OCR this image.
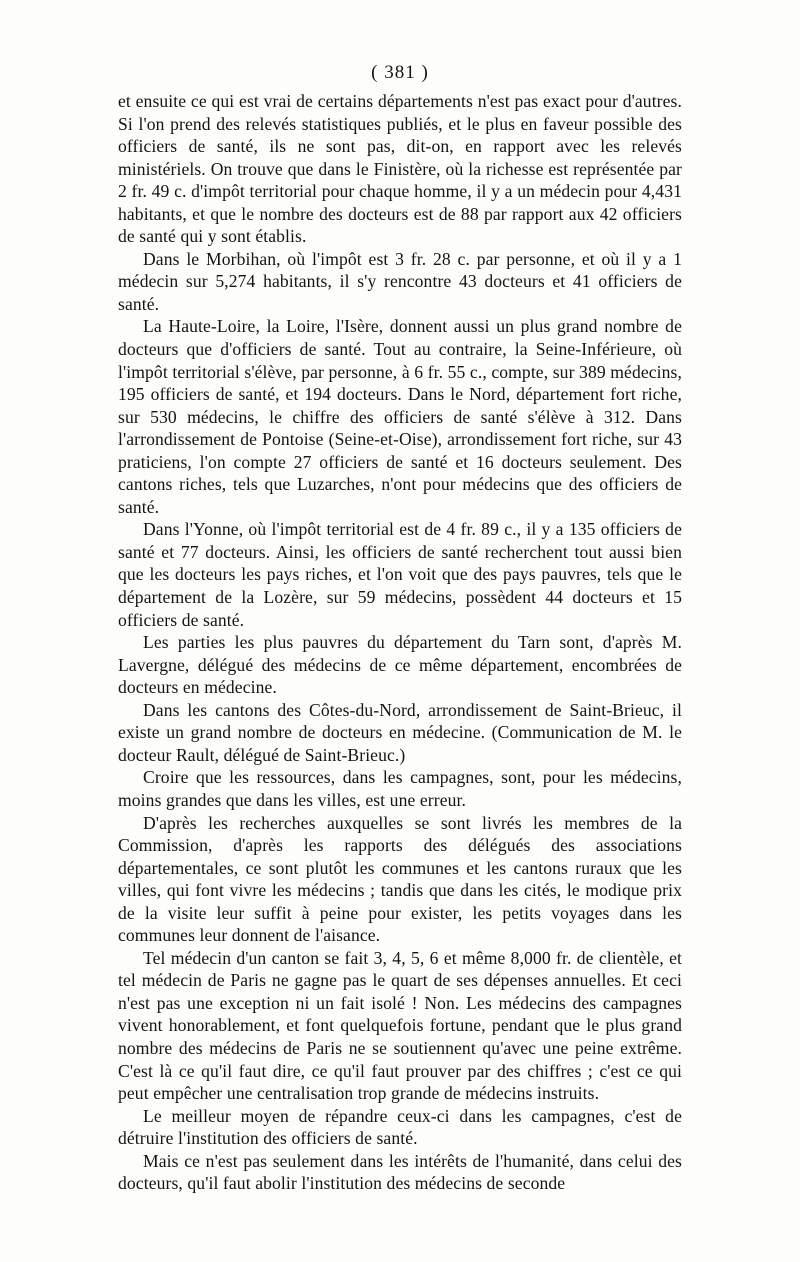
( 381 )

et ensuite ce qui est vrai de certains départements n'est pas exact pour d'autres. Si l'on prend des relevés statistiques publiés, et le plus en faveur possible des officiers de santé, ils ne sont pas, dit-on, en rapport avec les relevés ministériels. On trouve que dans le Finistère, où la richesse est représentée par 2 fr. 49 c. d'impôt territorial pour chaque homme, il y a un médecin pour 4,431 habitants, et que le nombre des docteurs est de 88 par rapport aux 42 officiers de santé qui y sont établis.

Dans le Morbihan, où l'impôt est 3 fr. 28 c. par personne, et où il y a 1 médecin sur 5,274 habitants, il s'y rencontre 43 docteurs et 41 officiers de santé.

La Haute-Loire, la Loire, l'Isère, donnent aussi un plus grand nombre de docteurs que d'officiers de santé. Tout au contraire, la Seine-Inférieure, où l'impôt territorial s'élève, par personne, à 6 fr. 55 c., compte, sur 389 médecins, 195 officiers de santé, et 194 docteurs. Dans le Nord, département fort riche, sur 530 médecins, le chiffre des officiers de santé s'élève à 312. Dans l'arrondissement de Pontoise (Seine-et-Oise), arrondissement fort riche, sur 43 praticiens, l'on compte 27 officiers de santé et 16 docteurs seulement. Des cantons riches, tels que Luzarches, n'ont pour médecins que des officiers de santé.

Dans l'Yonne, où l'impôt territorial est de 4 fr. 89 c., il y a 135 officiers de santé et 77 docteurs. Ainsi, les officiers de santé recherchent tout aussi bien que les docteurs les pays riches, et l'on voit que des pays pauvres, tels que le département de la Lozère, sur 59 médecins, possèdent 44 docteurs et 15 officiers de santé.

Les parties les plus pauvres du département du Tarn sont, d'après M. Lavergne, délégué des médecins de ce même département, encombrées de docteurs en médecine.

Dans les cantons des Côtes-du-Nord, arrondissement de Saint-Brieuc, il existe un grand nombre de docteurs en médecine. (Communication de M. le docteur Rault, délégué de Saint-Brieuc.)

Croire que les ressources, dans les campagnes, sont, pour les médecins, moins grandes que dans les villes, est une erreur.

D'après les recherches auxquelles se sont livrés les membres de la Commission, d'après les rapports des délégués des associations départementales, ce sont plutôt les communes et les cantons ruraux que les villes, qui font vivre les médecins ; tandis que dans les cités, le modique prix de la visite leur suffit à peine pour exister, les petits voyages dans les communes leur donnent de l'aisance.

Tel médecin d'un canton se fait 3, 4, 5, 6 et même 8,000 fr. de clientèle, et tel médecin de Paris ne gagne pas le quart de ses dépenses annuelles. Et ceci n'est pas une exception ni un fait isolé ! Non. Les médecins des campagnes vivent honorablement, et font quelquefois fortune, pendant que le plus grand nombre des médecins de Paris ne se soutiennent qu'avec une peine extrême. C'est là ce qu'il faut dire, ce qu'il faut prouver par des chiffres ; c'est ce qui peut empêcher une centralisation trop grande de médecins instruits.

Le meilleur moyen de répandre ceux-ci dans les campagnes, c'est de détruire l'institution des officiers de santé.

Mais ce n'est pas seulement dans les intérêts de l'humanité, dans celui des docteurs, qu'il faut abolir l'institution des médecins de seconde
